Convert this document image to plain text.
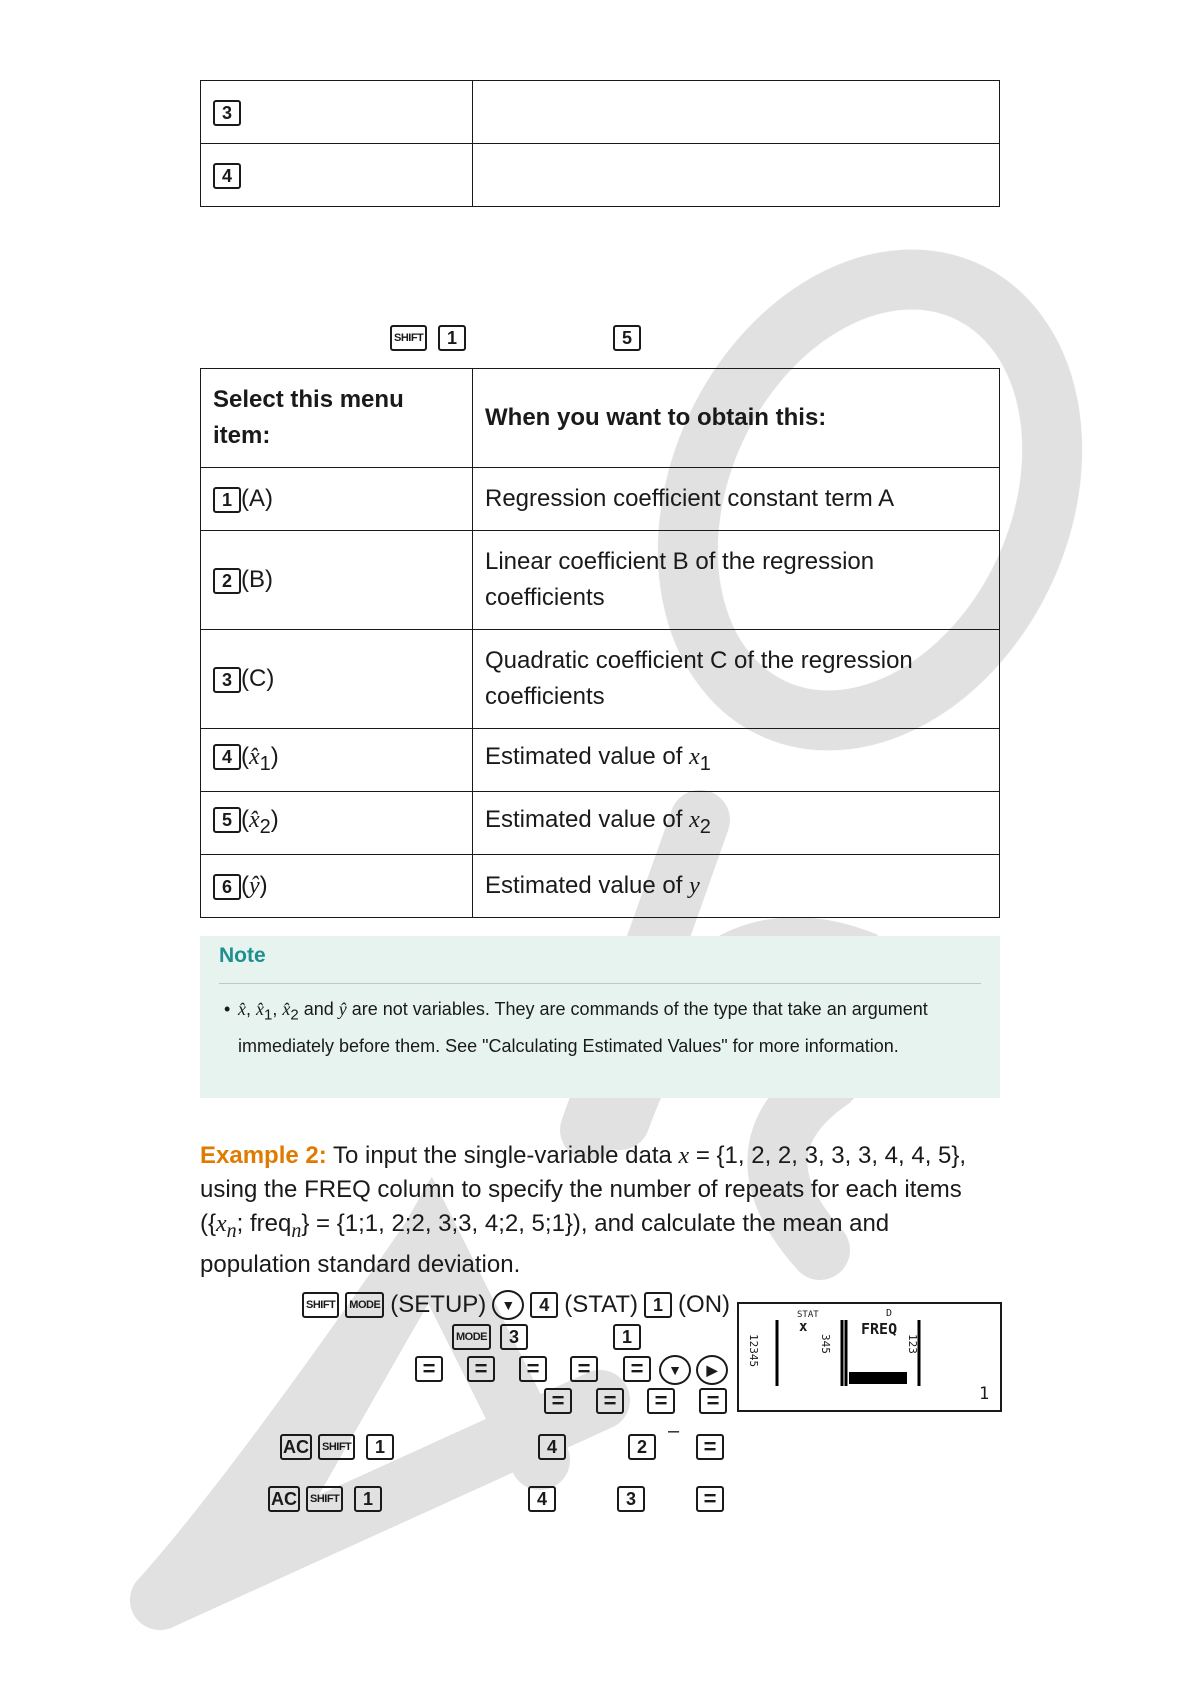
3	
4	
SHIFT	1	5
Select this menu item:	When you want to obtain this:
1 (A)	Regression coefficient constant term A
2 (B)	Linear coefficient B of the regression coefficients
3 (C)	Quadratic coefficient C of the regression coefficients
4 $(x̂_1)$	Estimated value of $x_1$
5 $(x̂_2)$	Estimated value of $x_2$
6 (ŷ)	Estimated value of y
Note
• x̂, $x̂_1$, $x̂_2$ and ŷ are not variables. They are commands of the type that take an argument immediately before them. See "Calculating Estimated Values" for more information.
Example 2: To input the single-variable data x = {1, 2, 2, 3, 3, 3, 4, 4, 5}, using the FREQ column to specify the number of repeats for each items ({$x_n$; freq$_n$} = {1;1, 2;2, 3;3, 4;2, 5;1}), and calculate the mean and population standard deviation.
SHIFT	MODE (SETUP)	▼	4 (STAT) 1 (ON)
MODE	3	1
=	=	=	=	=	▼	▶
=	=	=	=
STAT
x
D
FREQ
12345
345
123
1
AC	SHIFT	1	4	2
–
=
AC	SHIFT	1	4	3	=
